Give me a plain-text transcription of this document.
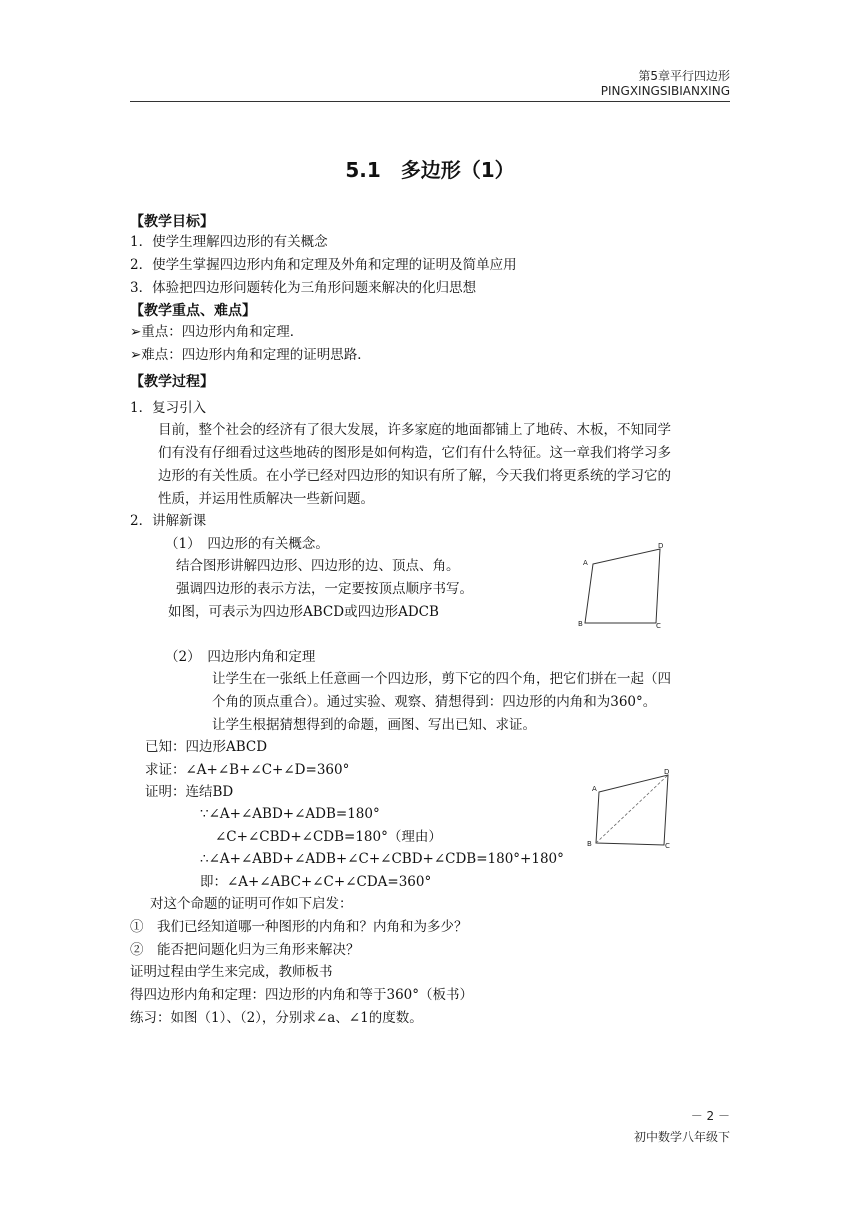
第5章平行四边形
PINGXINGSIBIANXING
5.1　多边形（1）
【教学目标】
1．使学生理解四边形的有关概念
2．使学生掌握四边形内角和定理及外角和定理的证明及简单应用
3．体验把四边形问题转化为三角形问题来解决的化归思想
【教学重点、难点】
➢重点：四边形内角和定理．
➢难点：四边形内角和定理的证明思路．
【教学过程】
1．复习引入
目前，整个社会的经济有了很大发展，许多家庭的地面都铺上了地砖、木板，不知同学
们有没有仔细看过这些地砖的图形是如何构造，它们有什么特征。这一章我们将学习多
边形的有关性质。在小学已经对四边形的知识有所了解，今天我们将更系统的学习它的
性质，并运用性质解决一些新问题。
2．讲解新课
（1）　四边形的有关概念。
结合图形讲解四边形、四边形的边、顶点、角。
强调四边形的表示方法，一定要按顶点顺序书写。
如图，可表示为四边形ABCD或四边形ADCB
A
D
B	C
（2）　四边形内角和定理
让学生在一张纸上任意画一个四边形，剪下它的四个角，把它们拼在一起（四
个角的顶点重合）。通过实验、观察、猜想得到：四边形的内角和为360°。
让学生根据猜想得到的命题，画图、写出已知、求证。
已知：四边形ABCD
求证：∠A+∠B+∠C+∠D=360°
证明：连结BD
∵∠A+∠ABD+∠ADB=180°
∠C+∠CBD+∠CDB=180°（理由）
∴∠A+∠ABD+∠ADB+∠C+∠CBD+∠CDB=180°+180°
即：∠A+∠ABC+∠C+∠CDA=360°
A
D
B	C
对这个命题的证明可作如下启发：
①　我们已经知道哪一种图形的内角和？内角和为多少？
②　能否把问题化归为三角形来解决？
证明过程由学生来完成，教师板书
得四边形内角和定理：四边形的内角和等于360°（板书）
练习：如图（1）、（2），分别求∠a、∠1的度数。
－ 2 －
初中数学八年级下
